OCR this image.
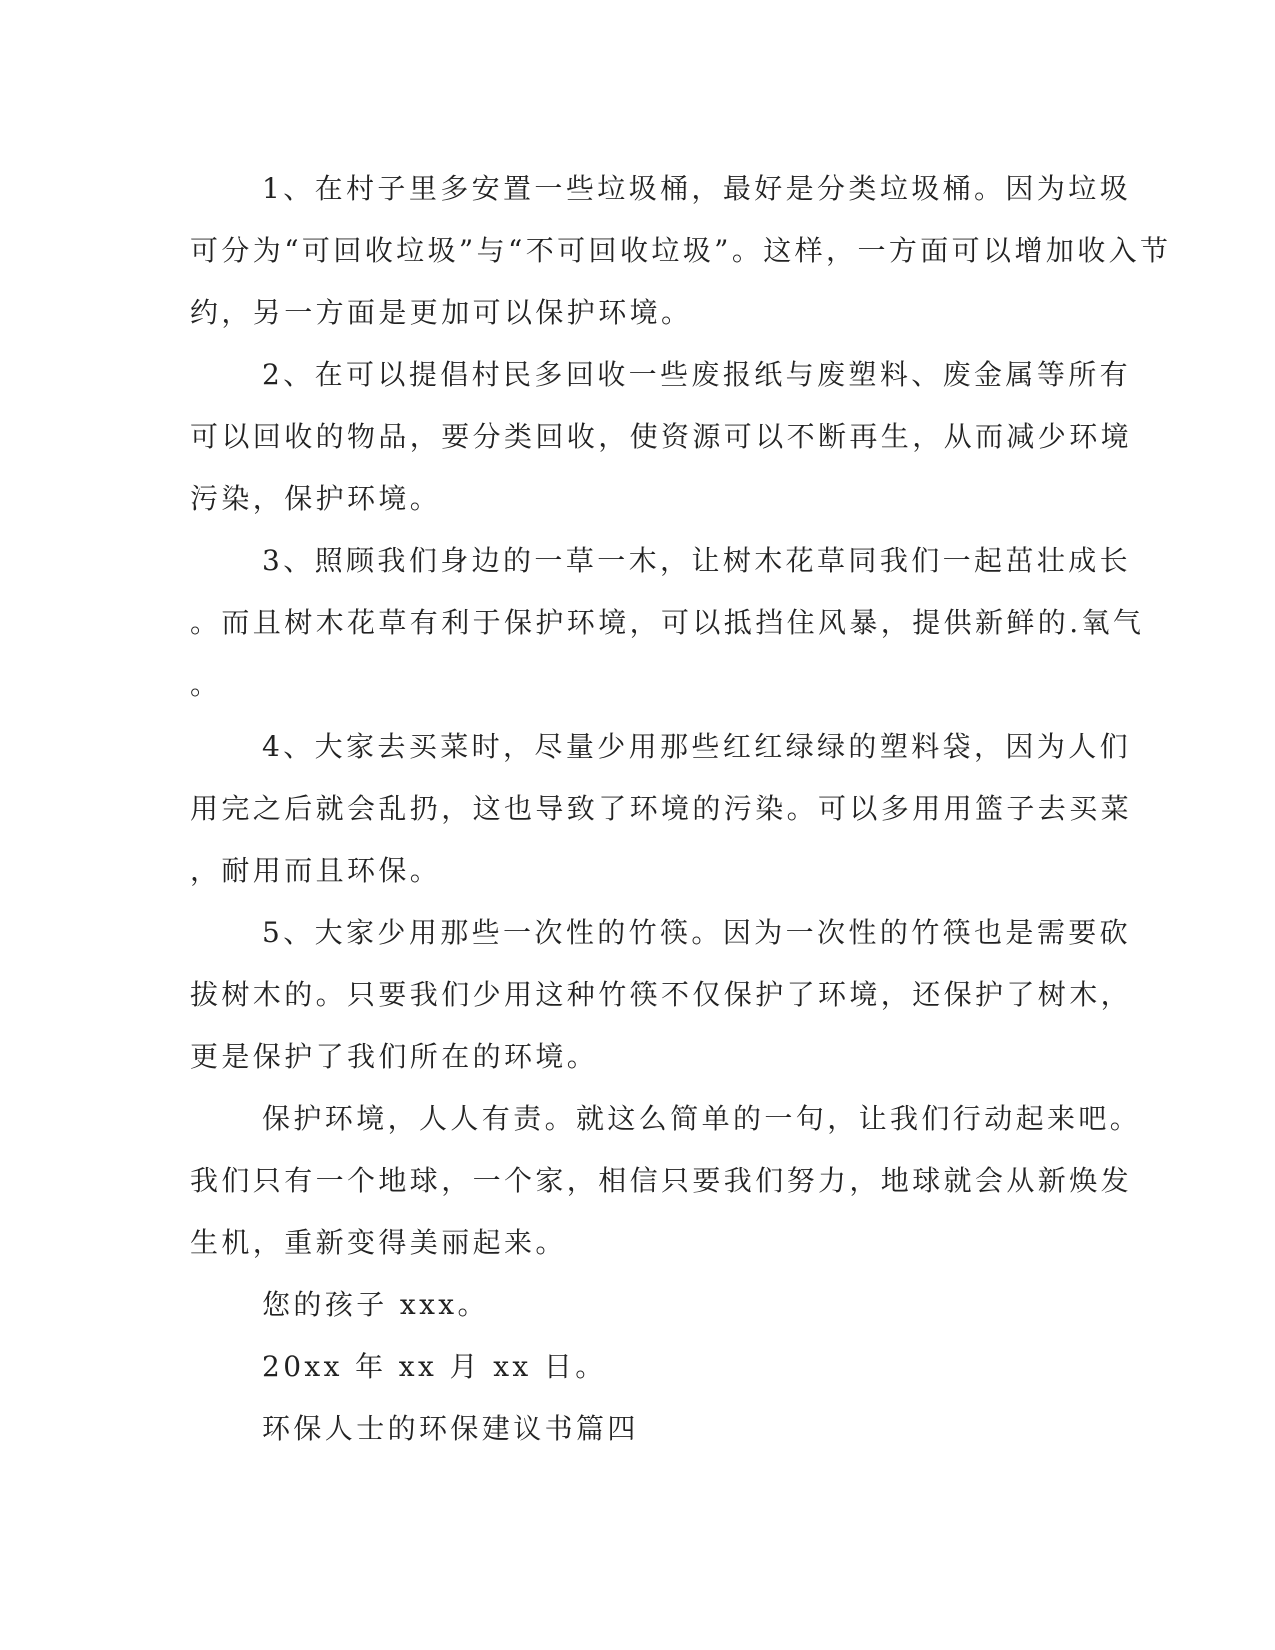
1、在村子里多安置一些垃圾桶，最好是分类垃圾桶。因为垃圾
可分为“可回收垃圾”与“不可回收垃圾”。这样，一方面可以增加收入节
约，另一方面是更加可以保护环境。
2、在可以提倡村民多回收一些废报纸与废塑料、废金属等所有
可以回收的物品，要分类回收，使资源可以不断再生，从而减少环境
污染，保护环境。
3、照顾我们身边的一草一木，让树木花草同我们一起茁壮成长
。而且树木花草有利于保护环境，可以抵挡住风暴，提供新鲜的.氧气
。
4、大家去买菜时，尽量少用那些红红绿绿的塑料袋，因为人们
用完之后就会乱扔，这也导致了环境的污染。可以多用用篮子去买菜
，耐用而且环保。
5、大家少用那些一次性的竹筷。因为一次性的竹筷也是需要砍
拔树木的。只要我们少用这种竹筷不仅保护了环境，还保护了树木，
更是保护了我们所在的环境。
保护环境，人人有责。就这么简单的一句，让我们行动起来吧。
我们只有一个地球，一个家，相信只要我们努力，地球就会从新焕发
生机，重新变得美丽起来。
您的孩子 xxx。
20xx 年 xx 月 xx 日。
环保人士的环保建议书篇四
